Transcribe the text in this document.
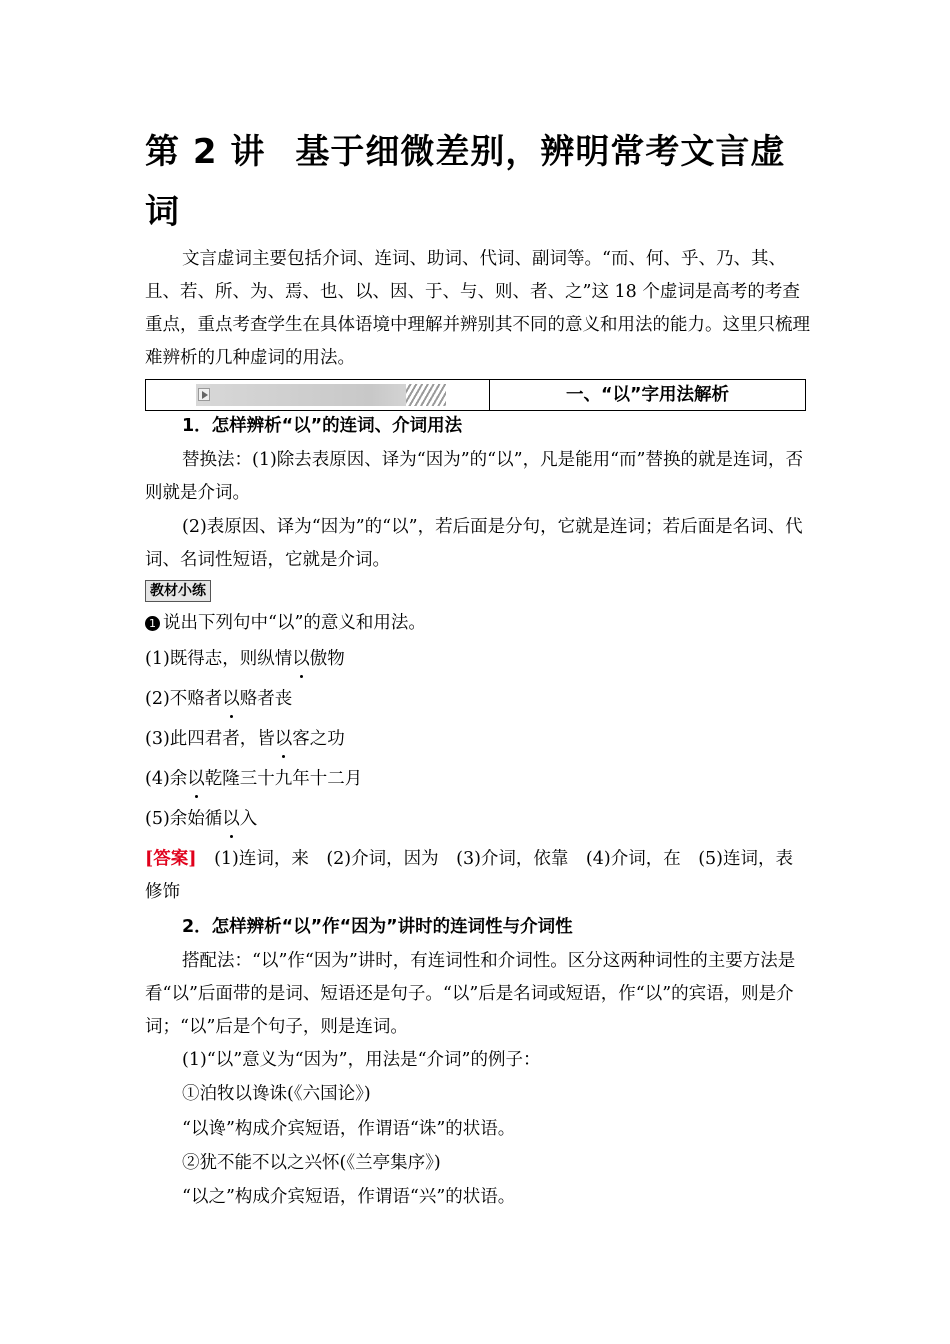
第 2 讲 基于细微差别，辨明常考文言虚词
文言虚词主要包括介词、连词、助词、代词、副词等。“而、何、乎、乃、其、且、若、所、为、焉、也、以、因、于、与、则、者、之”这 18 个虚词是高考的考查重点，重点考查学生在具体语境中理解并辨别其不同的意义和用法的能力。这里只梳理难辨析的几种虚词的用法。
一、“以”字用法解析
1．怎样辨析“以”的连词、介词用法
替换法：(1)除去表原因、译为“因为”的“以”，凡是能用“而”替换的就是连词，否则就是介词。
(2)表原因、译为“因为”的“以”，若后面是分句，它就是连词；若后面是名词、代词、名词性短语，它就是介词。
教材小练
1 说出下列句中“以”的意义和用法。
(1)既得志，则纵情以傲物
(2)不赂者以赂者丧
(3)此四君者，皆以客之功
(4)余以乾隆三十九年十二月
(5)余始循以入
[答案]　 (1)连词，来　(2)介词，因为　(3)介词，依靠　(4)介词，在　(5)连词，表修饰
2．怎样辨析“以”作“因为”讲时的连词性与介词性
搭配法：“以”作“因为”讲时，有连词性和介词性。区分这两种词性的主要方法是看“以”后面带的是词、短语还是句子。“以”后是名词或短语，作“以”的宾语，则是介词；“以”后是个句子，则是连词。
(1)“以”意义为“因为”，用法是“介词”的例子：
①泊牧以谗诛(《六国论》)
“以谗”构成介宾短语，作谓语“诛”的状语。
②犹不能不以之兴怀(《兰亭集序》)
“以之”构成介宾短语，作谓语“兴”的状语。
